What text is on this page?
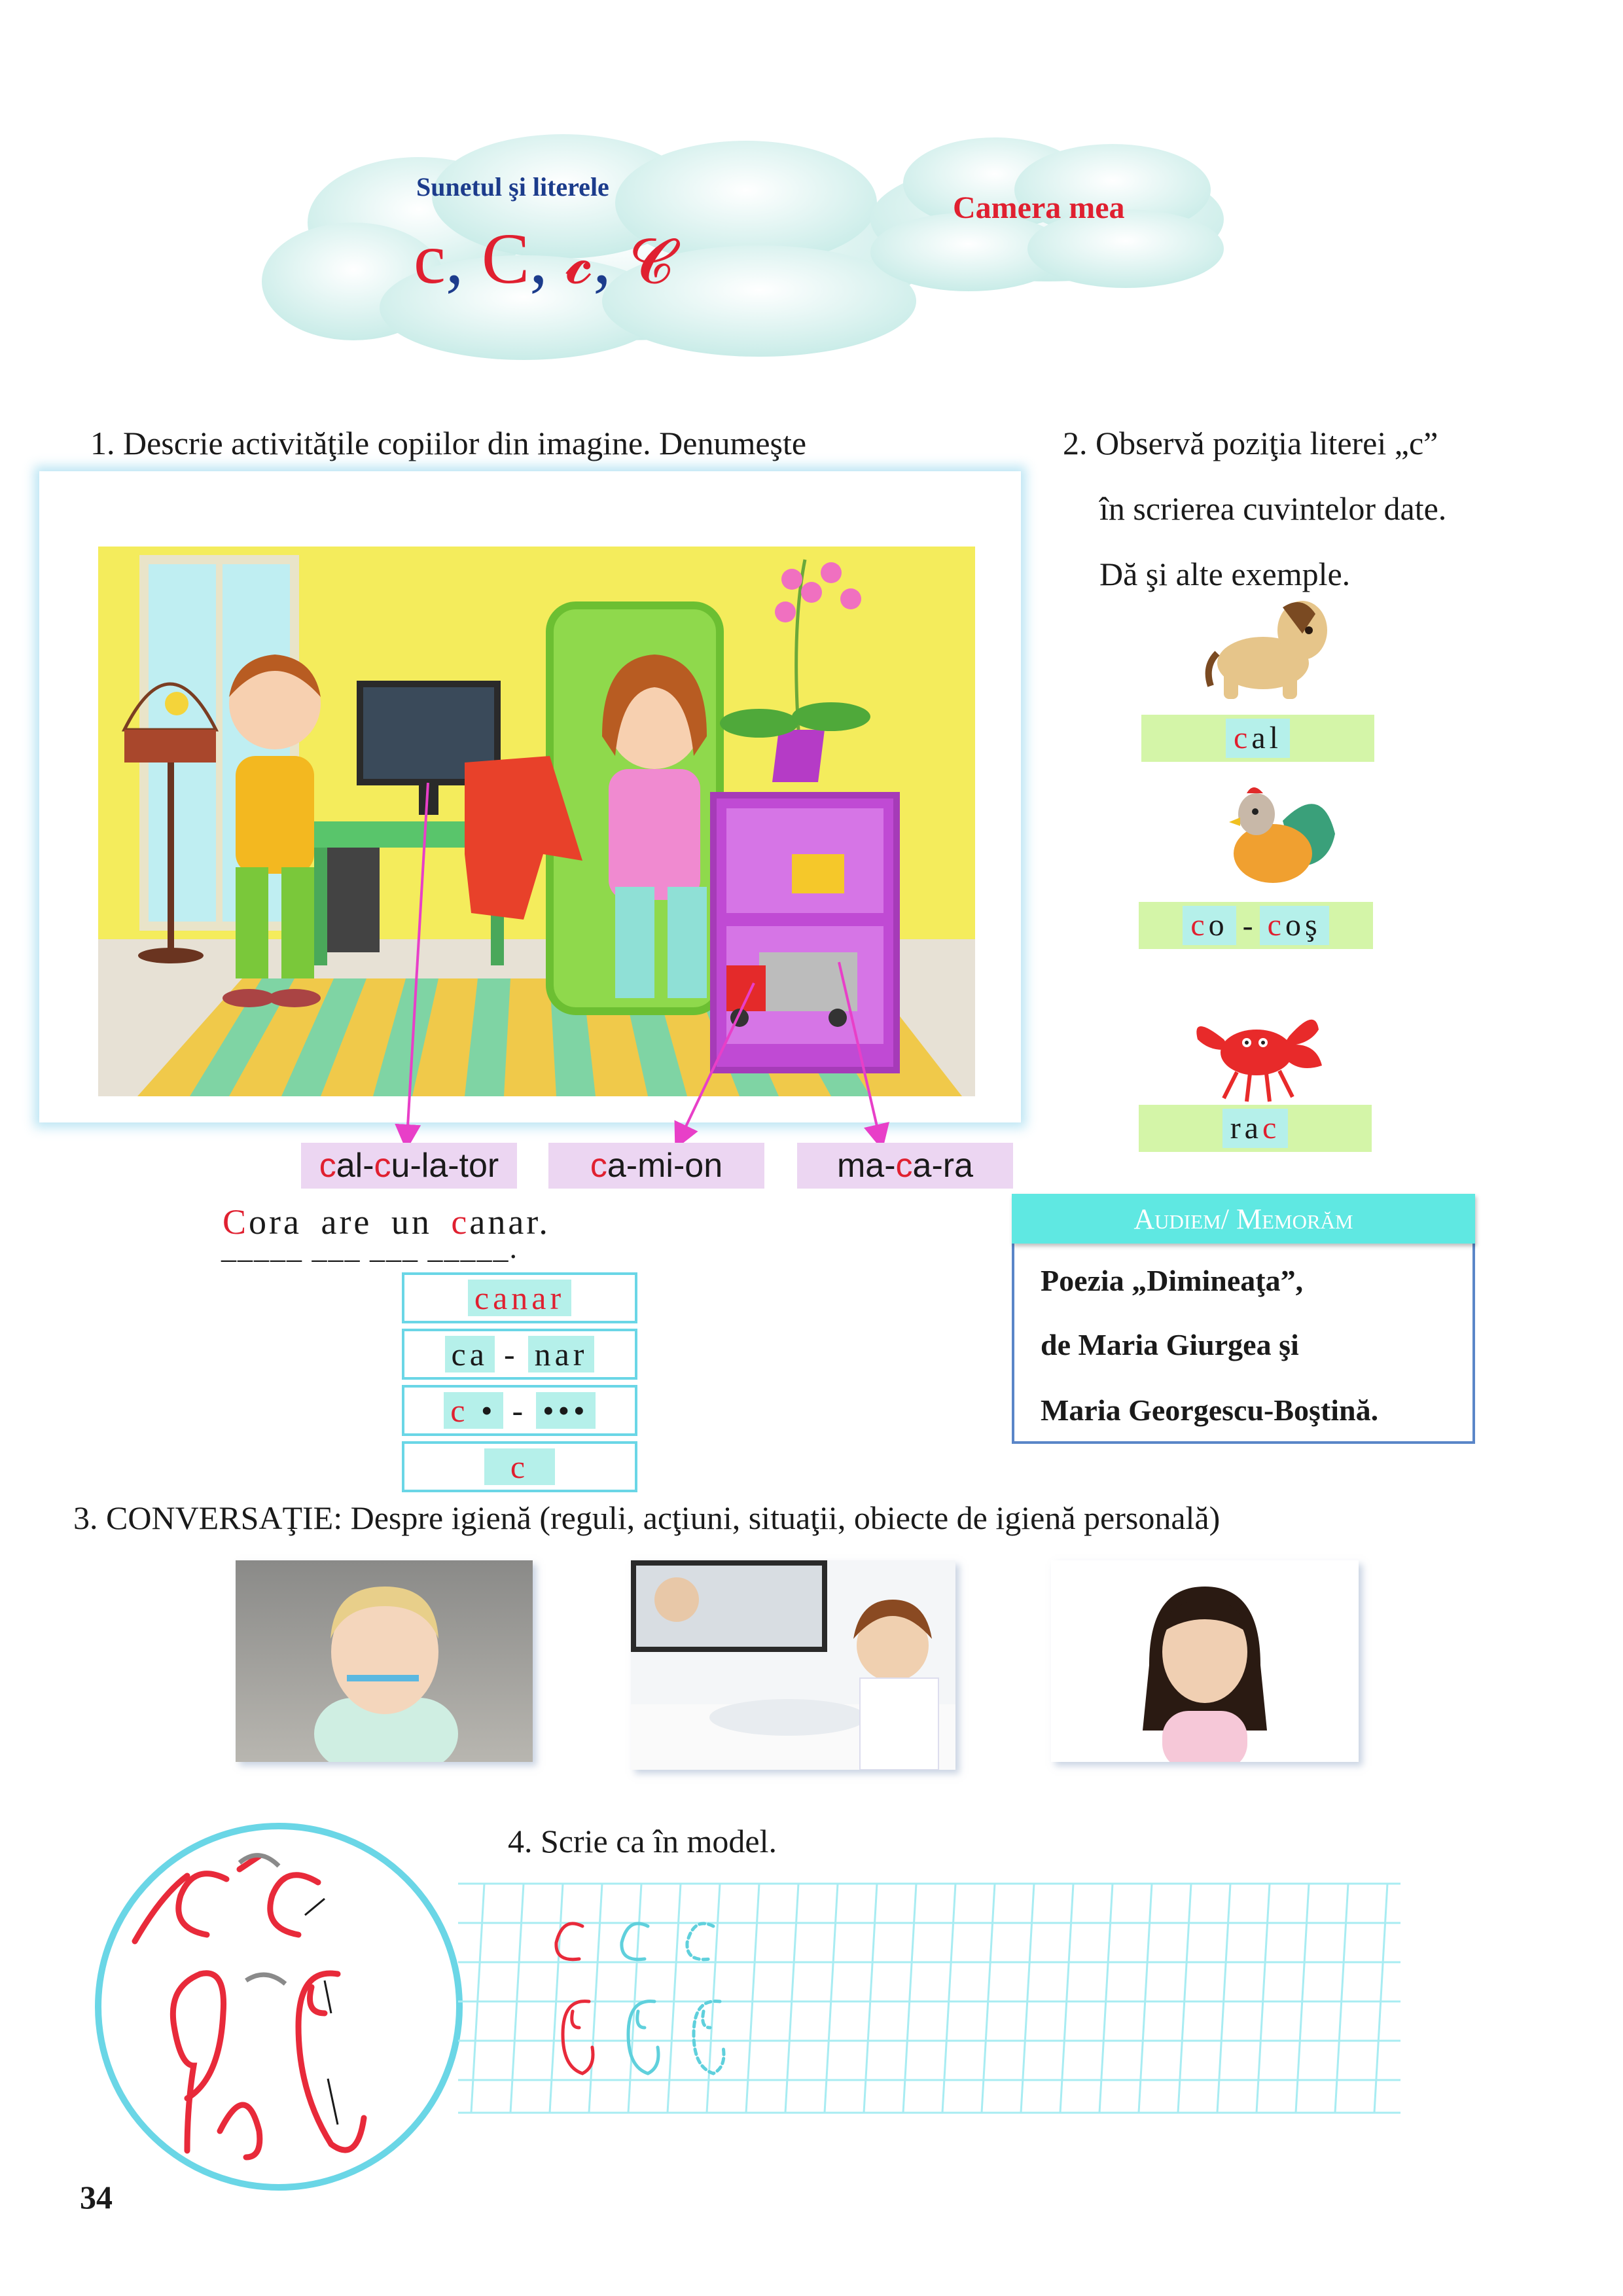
Sunetul şi literele
c, C, 𝓬, 𝓒
Camera mea
1. Descrie activităţile copiilor din imagine. Denumeşte
c al- c u-la-tor	c a-mi-on	ma- c a-ra
Cora are un canar.
_____ ___ ___ _____.
canar
ca - nar
c • - •••
c
2. Observă poziţia literei „c”
în scrierea cuvintelor date.
Dă şi alte exemple.
cal
co - coş
rac
Audiem/ Memorăm
Poezia „Dimineaţa”,
de Maria Giurgea şi
Maria Georgescu-Boştină.
3. CONVERSAŢIE: Despre igienă (reguli, acţiuni, situaţii, obiecte de igienă personală)
4. Scrie ca în model.
34
